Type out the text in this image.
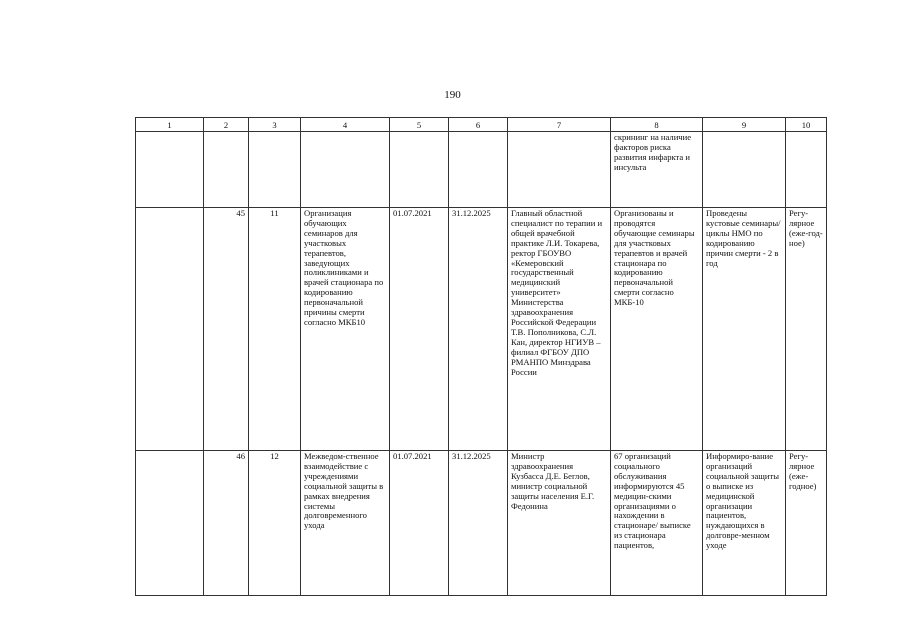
190
1	2	3	4	5	6	7	8	9	10
							скрининг на наличие факторов риска развития инфаркта и инсульта		
	45	11	Организация обучающих семинаров для участковых терапевтов, заведующих поликлиниками и врачей стационара по кодированию первоначальной причины смерти согласно МКБ10	01.07.2021	31.12.2025	Главный областной специалист по терапии и общей врачебной практике Л.И. Токарева, ректор ГБОУВО «Кемеровский государственный медицинский университет» Министерства здравоохранения Российской Федерации Т.В. Пополникова, С.Л. Кан, директор НГИУВ – филиал ФГБОУ ДПО РМАНПО Минздрава России	Организованы и проводятся обучающие семинары для участковых терапевтов и врачей стационара по кодированию первоначальной смерти согласно МКБ-10	Проведены кустовые семинары/циклы НМО по кодированию причин смерти - 2 в год	Регу-лярное (еже-год-ное)
	46	12	Межведом-ственное взаимодействие с учреждениями социальной защиты в рамках внедрения системы долговременного ухода	01.07.2021	31.12.2025	Министр здравоохранения Кузбасса Д.Е. Беглов, министр социальной защиты населения Е.Г. Федонина	67 организаций социального обслуживания информируются 45 медицин-скими организациями о нахождении в стационаре/ выписке из стационара пациентов,	Информиро-вание организаций социальной защиты о выписке из медицинской организации пациентов, нуждающихся в долговре-менном уходе	Регу-лярное (еже-годное)
